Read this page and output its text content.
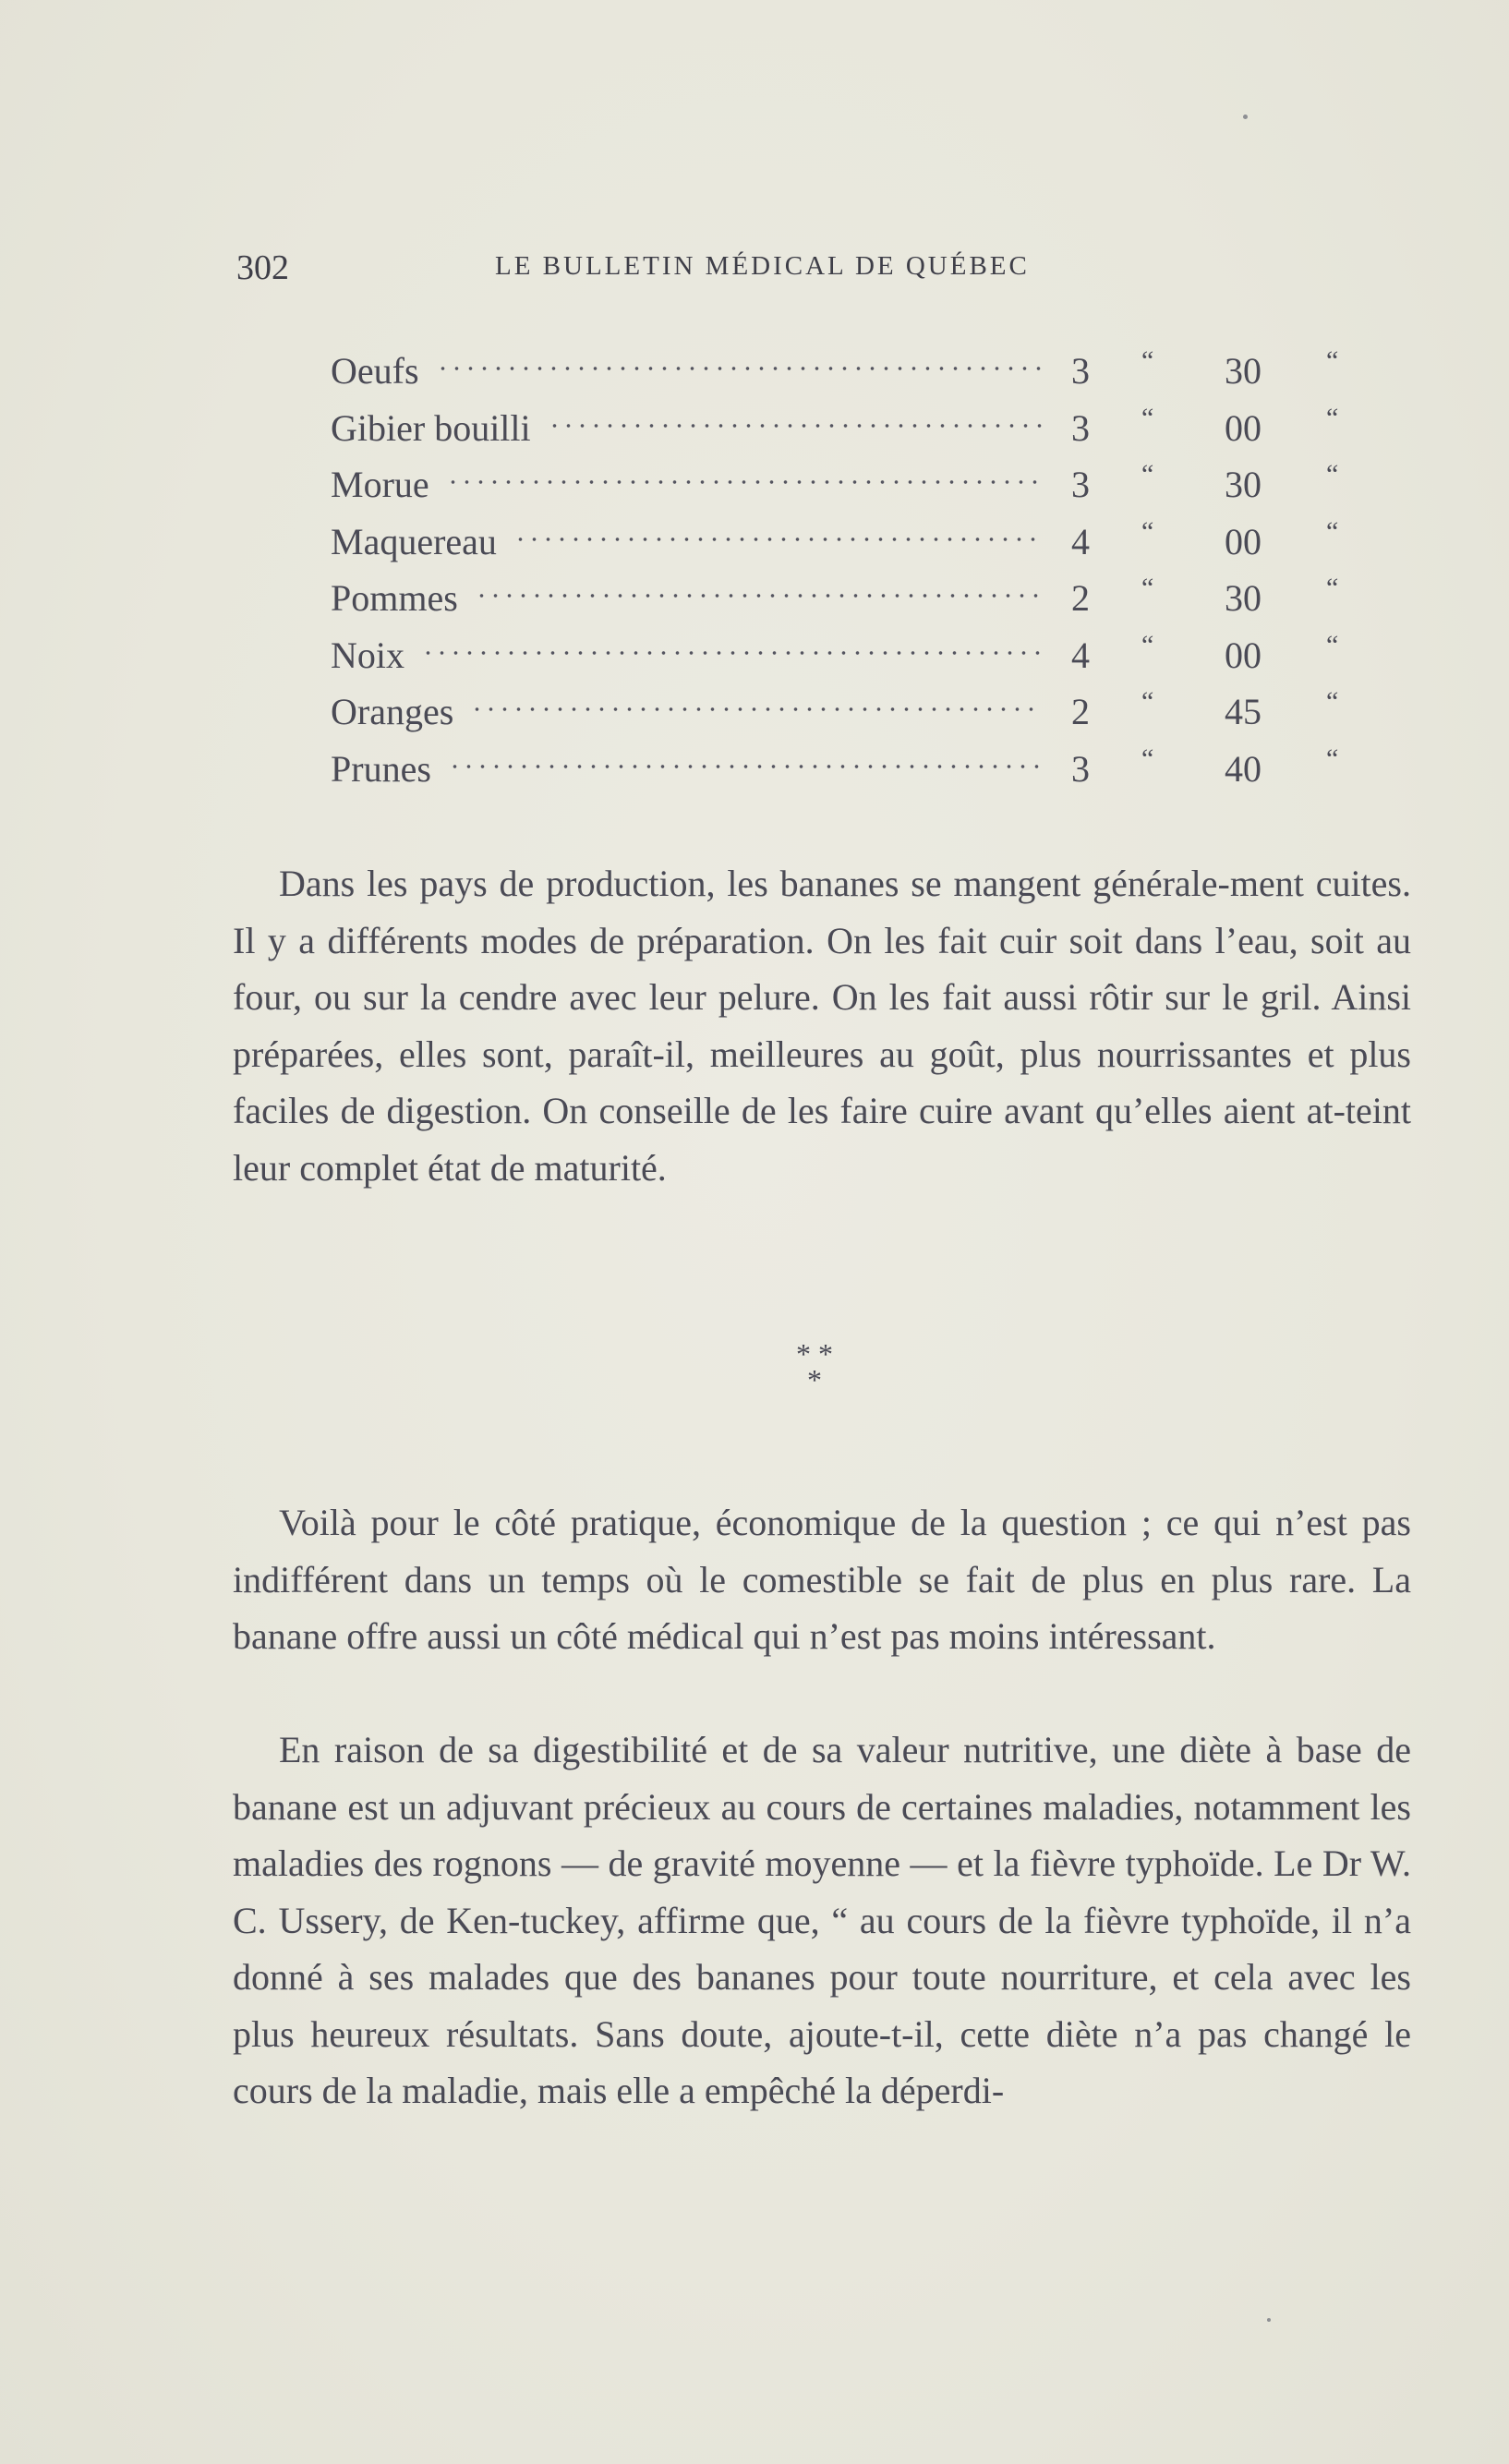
302	LE BULLETIN MÉDICAL DE QUÉBEC
Oeufs	3	“	30	“
Gibier bouilli	3	“	00	“
Morue	3	“	30	“
Maquereau	4	“	00	“
Pommes	2	“	30	“
Noix	4	“	00	“
Oranges	2	“	45	“
Prunes	3	“	40	“
Dans les pays de production, les bananes se mangent générale-ment cuites. Il y a différents modes de préparation. On les fait cuir soit dans l’eau, soit au four, ou sur la cendre avec leur pelure. On les fait aussi rôtir sur le gril. Ainsi préparées, elles sont, paraît-il, meilleures au goût, plus nourrissantes et plus faciles de digestion. On conseille de les faire cuire avant qu’elles aient at-teint leur complet état de maturité.
* *
*
Voilà pour le côté pratique, économique de la question ; ce qui n’est pas indifférent dans un temps où le comestible se fait de plus en plus rare. La banane offre aussi un côté médical qui n’est pas moins intéressant.
En raison de sa digestibilité et de sa valeur nutritive, une diète à base de banane est un adjuvant précieux au cours de certaines maladies, notamment les maladies des rognons — de gravité moyenne — et la fièvre typhoïde. Le Dr W. C. Ussery, de Ken-tuckey, affirme que, “ au cours de la fièvre typhoïde, il n’a donné à ses malades que des bananes pour toute nourriture, et cela avec les plus heureux résultats. Sans doute, ajoute-t-il, cette diète n’a pas changé le cours de la maladie, mais elle a empêché la déperdi-
